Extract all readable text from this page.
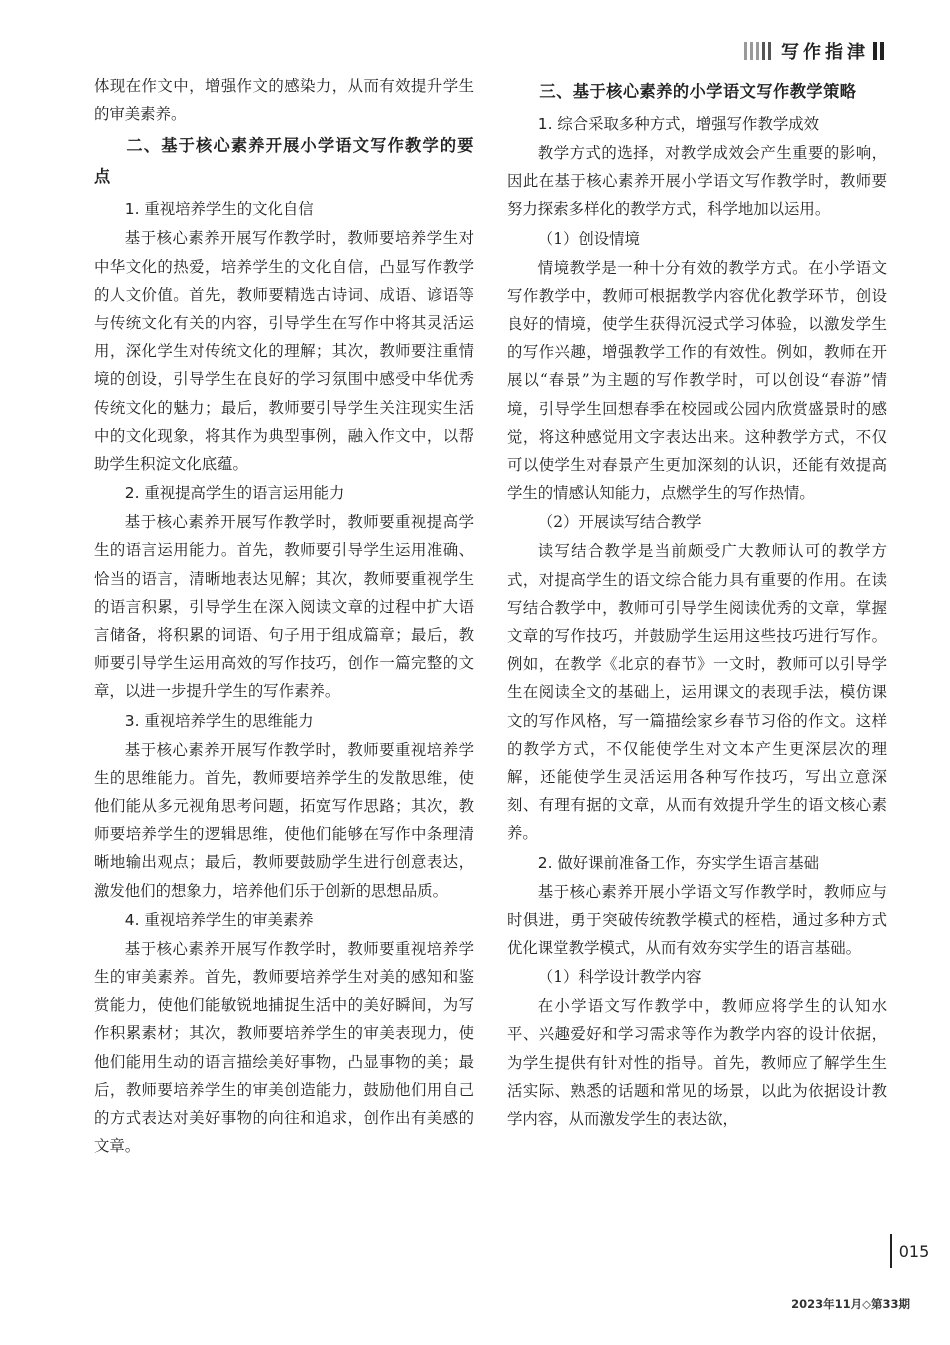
写作指津

体现在作文中，增强作文的感染力，从而有效提升学生的审美素养。

二、基于核心素养开展小学语文写作教学的要点
1. 重视培养学生的文化自信

基于核心素养开展写作教学时，教师要培养学生对中华文化的热爱，培养学生的文化自信，凸显写作教学的人文价值。首先，教师要精选古诗词、成语、谚语等与传统文化有关的内容，引导学生在写作中将其灵活运用，深化学生对传统文化的理解；其次，教师要注重情境的创设，引导学生在良好的学习氛围中感受中华优秀传统文化的魅力；最后，教师要引导学生关注现实生活中的文化现象，将其作为典型事例，融入作文中，以帮助学生积淀文化底蕴。

2. 重视提高学生的语言运用能力

基于核心素养开展写作教学时，教师要重视提高学生的语言运用能力。首先，教师要引导学生运用准确、恰当的语言，清晰地表达见解；其次，教师要重视学生的语言积累，引导学生在深入阅读文章的过程中扩大语言储备，将积累的词语、句子用于组成篇章；最后，教师要引导学生运用高效的写作技巧，创作一篇完整的文章，以进一步提升学生的写作素养。

3. 重视培养学生的思维能力

基于核心素养开展写作教学时，教师要重视培养学生的思维能力。首先，教师要培养学生的发散思维，使他们能从多元视角思考问题，拓宽写作思路；其次，教师要培养学生的逻辑思维，使他们能够在写作中条理清晰地输出观点；最后，教师要鼓励学生进行创意表达，激发他们的想象力，培养他们乐于创新的思想品质。

4. 重视培养学生的审美素养

基于核心素养开展写作教学时，教师要重视培养学生的审美素养。首先，教师要培养学生对美的感知和鉴赏能力，使他们能敏锐地捕捉生活中的美好瞬间，为写作积累素材；其次，教师要培养学生的审美表现力，使他们能用生动的语言描绘美好事物，凸显事物的美；最后，教师要培养学生的审美创造能力，鼓励他们用自己的方式表达对美好事物的向往和追求，创作出有美感的文章。

三、基于核心素养的小学语文写作教学策略
1. 综合采取多种方式，增强写作教学成效

教学方式的选择，对教学成效会产生重要的影响，因此在基于核心素养开展小学语文写作教学时，教师要努力探索多样化的教学方式，科学地加以运用。

（1）创设情境

情境教学是一种十分有效的教学方式。在小学语文写作教学中，教师可根据教学内容优化教学环节，创设良好的情境，使学生获得沉浸式学习体验，以激发学生的写作兴趣，增强教学工作的有效性。例如，教师在开展以“春景”为主题的写作教学时，可以创设“春游”情境，引导学生回想春季在校园或公园内欣赏盛景时的感觉，将这种感觉用文字表达出来。这种教学方式，不仅可以使学生对春景产生更加深刻的认识，还能有效提高学生的情感认知能力，点燃学生的写作热情。

（2）开展读写结合教学

读写结合教学是当前颇受广大教师认可的教学方式，对提高学生的语文综合能力具有重要的作用。在读写结合教学中，教师可引导学生阅读优秀的文章，掌握文章的写作技巧，并鼓励学生运用这些技巧进行写作。例如，在教学《北京的春节》一文时，教师可以引导学生在阅读全文的基础上，运用课文的表现手法，模仿课文的写作风格，写一篇描绘家乡春节习俗的作文。这样的教学方式，不仅能使学生对文本产生更深层次的理解，还能使学生灵活运用各种写作技巧，写出立意深刻、有理有据的文章，从而有效提升学生的语文核心素养。

2. 做好课前准备工作，夯实学生语言基础

基于核心素养开展小学语文写作教学时，教师应与时俱进，勇于突破传统教学模式的桎梏，通过多种方式优化课堂教学模式，从而有效夯实学生的语言基础。

（1）科学设计教学内容

在小学语文写作教学中，教师应将学生的认知水平、兴趣爱好和学习需求等作为教学内容的设计依据，为学生提供有针对性的指导。首先，教师应了解学生生活实际、熟悉的话题和常见的场景，以此为依据设计教学内容，从而激发学生的表达欲，

015
2023年11月◇第33期
